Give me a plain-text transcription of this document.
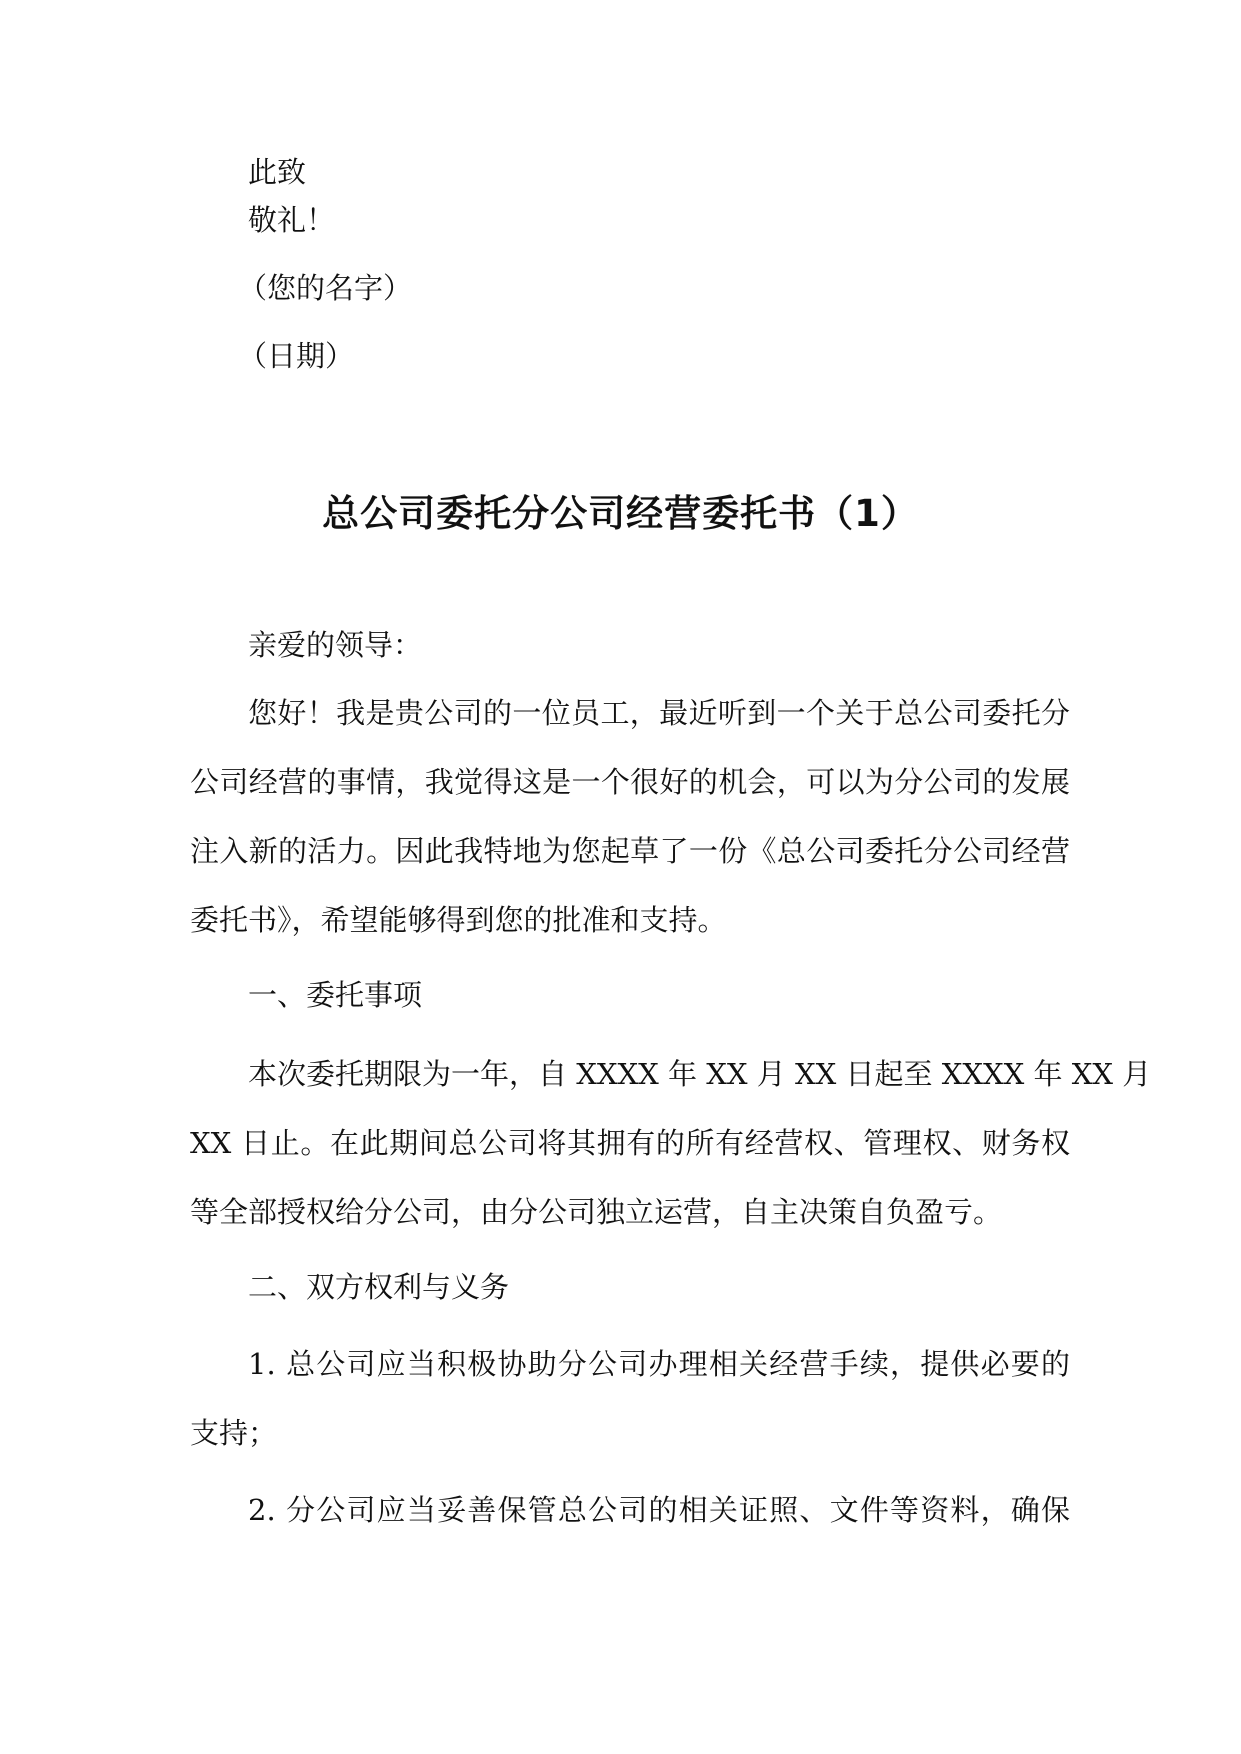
此致
敬礼！
（您的名字）
（日期）
总公司委托分公司经营委托书（1）
亲爱的领导：
您好！我是贵公司的一位员工，最近听到一个关于总公司委托分
公司经营的事情，我觉得这是一个很好的机会，可以为分公司的发展
注入新的活力。因此我特地为您起草了一份《总公司委托分公司经营
委托书》，希望能够得到您的批准和支持。
一、委托事项
本次委托期限为一年，自 XXXX 年 XX 月 XX 日起至 XXXX 年 XX 月
XX 日止。在此期间总公司将其拥有的所有经营权、管理权、财务权
等全部授权给分公司，由分公司独立运营，自主决策自负盈亏。
二、双方权利与义务
1. 总公司应当积极协助分公司办理相关经营手续，提供必要的
支持；
2. 分公司应当妥善保管总公司的相关证照、文件等资料，确保
